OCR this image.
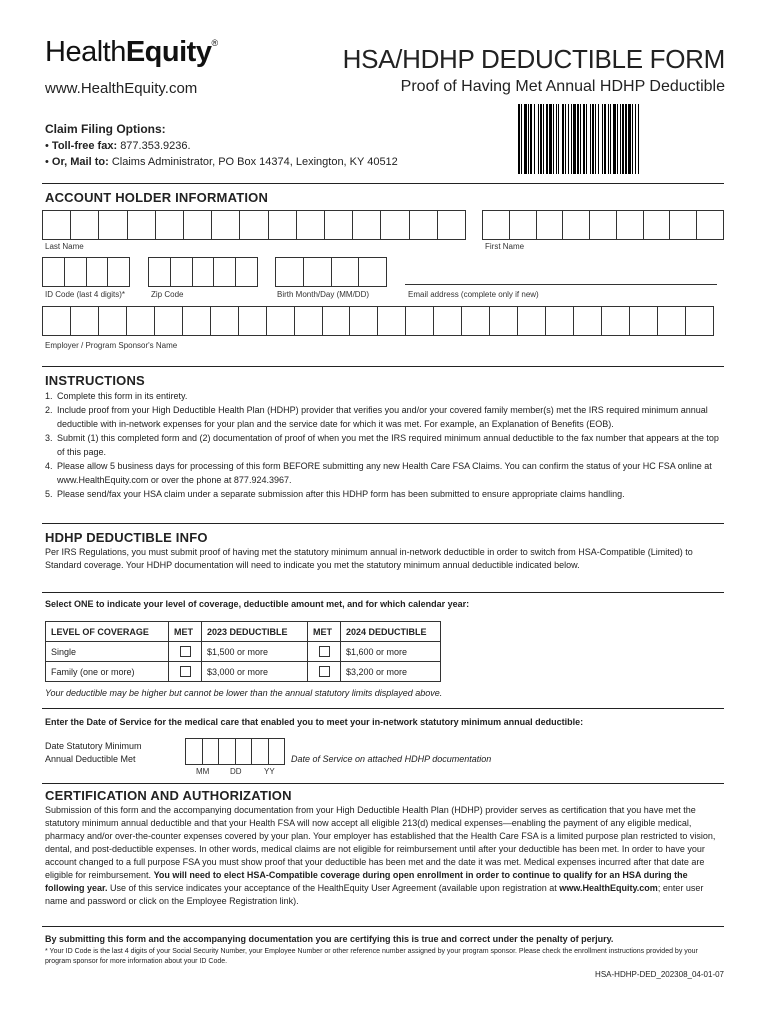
HealthEquity®
www.HealthEquity.com
HSA/HDHP DEDUCTIBLE FORM
Proof of Having Met Annual HDHP Deductible
Claim Filing Options:
• Toll-free fax: 877.353.9236.
• Or, Mail to: Claims Administrator, PO Box 14374, Lexington, KY 40512
ACCOUNT HOLDER INFORMATION
Last Name	First Name
ID Code (last 4 digits)*	Zip Code	Birth Month/Day (MM/DD)	Email address (complete only if new)
Employer / Program Sponsor's Name
INSTRUCTIONS
1. Complete this form in its entirety.
2. Include proof from your High Deductible Health Plan (HDHP) provider that verifies you and/or your covered family member(s) met the IRS required minimum annual deductible with in-network expenses for your plan and the service date for which it was met. For example, an Explanation of Benefits (EOB).
3. Submit (1) this completed form and (2) documentation of proof of when you met the IRS required minimum annual deductible to the fax number that appears at the top of this page.
4. Please allow 5 business days for processing of this form BEFORE submitting any new Health Care FSA Claims. You can confirm the status of your HC FSA online at www.HealthEquity.com or over the phone at 877.924.3967.
5. Please send/fax your HSA claim under a separate submission after this HDHP form has been submitted to ensure appropriate claims handling.
HDHP DEDUCTIBLE INFO
Per IRS Regulations, you must submit proof of having met the statutory minimum annual in-network deductible in order to switch from HSA-Compatible (Limited) to Standard coverage. Your HDHP documentation will need to indicate you met the statutory minimum annual deductible indicated below.
Select ONE to indicate your level of coverage, deductible amount met, and for which calendar year:
LEVEL OF COVERAGE	MET	2023 DEDUCTIBLE	MET	2024 DEDUCTIBLE
Single		$1,500 or more		$1,600 or more
Family (one or more)		$3,000 or more		$3,200 or more
Your deductible may be higher but cannot be lower than the annual statutory limits displayed above.
Enter the Date of Service for the medical care that enabled you to meet your in-network statutory minimum annual deductible:
Date Statutory Minimum
Annual Deductible Met
MM	DD	YY
Date of Service on attached HDHP documentation
CERTIFICATION AND AUTHORIZATION
Submission of this form and the accompanying documentation from your High Deductible Health Plan (HDHP) provider serves as certification that you have met the statutory minimum annual deductible and that your Health FSA will now accept all eligible 213(d) medical expenses—enabling the payment of any eligible medical, pharmacy and/or over-the-counter expenses covered by your plan. Your employer has established that the Health Care FSA is a limited purpose plan restricted to vision, dental, and post-deductible expenses. In other words, medical claims are not eligible for reimbursement until after your deductible has been met. In order to have your account changed to a full purpose FSA you must show proof that your deductible has been met and the date it was met. Medical expenses incurred after that date are eligible for reimbursement. You will need to elect HSA-Compatible coverage during open enrollment in order to continue to qualify for an HSA during the following year. Use of this service indicates your acceptance of the HealthEquity User Agreement (available upon registration at www.HealthEquity.com; enter user name and password or click on the Employee Registration link).
By submitting this form and the accompanying documentation you are certifying this is true and correct under the penalty of perjury.
* Your ID Code is the last 4 digits of your Social Security Number, your Employee Number or other reference number assigned by your program sponsor. Please check the enrollment instructions provided by your program sponsor for more information about your ID Code.
HSA-HDHP-DED_202308_04-01-07
